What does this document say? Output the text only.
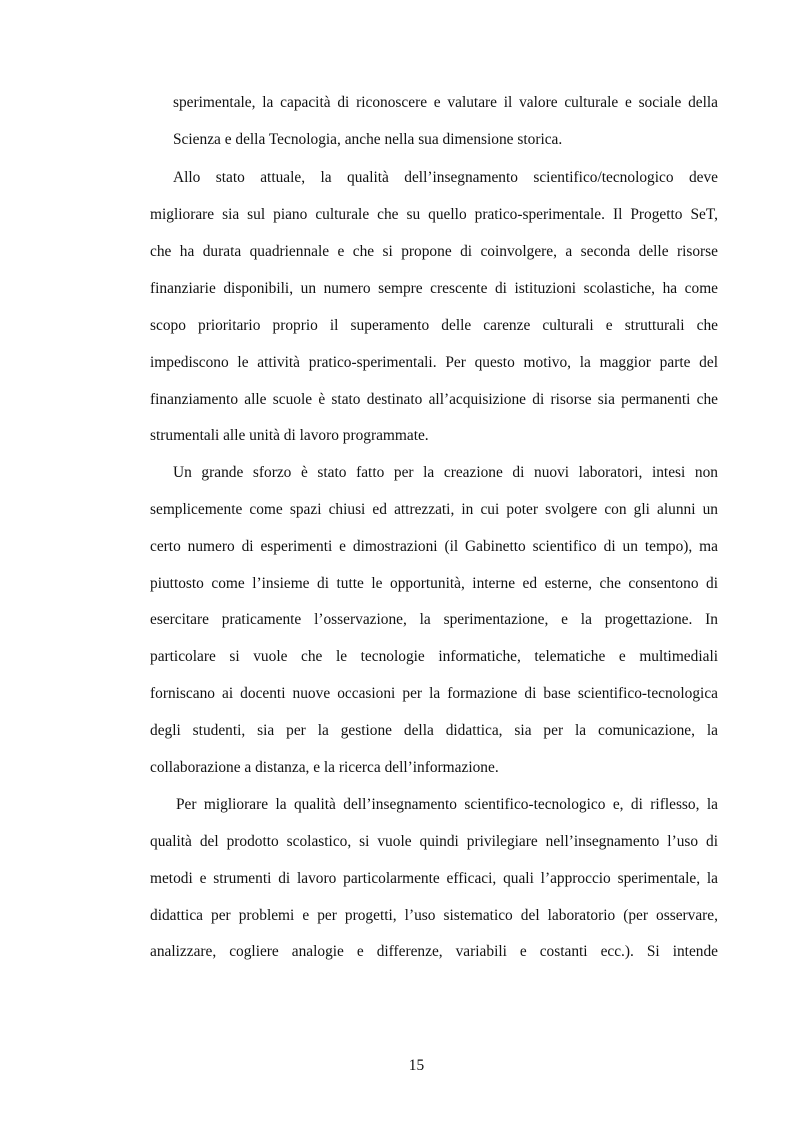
sperimentale, la capacità di riconoscere e valutare il valore culturale e sociale della
Scienza e della Tecnologia, anche nella sua dimensione storica.
Allo stato attuale, la qualità dell’insegnamento scientifico/tecnologico deve
migliorare sia sul piano culturale che su quello pratico-sperimentale. Il Progetto SeT,
che ha durata quadriennale e che si propone di coinvolgere, a seconda delle risorse
finanziarie disponibili, un numero sempre crescente di istituzioni scolastiche, ha come
scopo prioritario proprio il superamento delle carenze culturali e strutturali che
impediscono le attività pratico-sperimentali. Per questo motivo, la maggior parte del
finanziamento alle scuole è stato destinato all’acquisizione di risorse sia permanenti che
strumentali alle unità di lavoro programmate.
Un grande sforzo è stato fatto per la creazione di nuovi laboratori, intesi non
semplicemente come spazi chiusi ed attrezzati, in cui poter svolgere con gli alunni un
certo numero di esperimenti e dimostrazioni (il Gabinetto scientifico di un tempo), ma
piuttosto come l’insieme di tutte le opportunità, interne ed esterne, che consentono di
esercitare praticamente l’osservazione, la sperimentazione, e la progettazione. In
particolare si vuole che le tecnologie informatiche, telematiche e multimediali
forniscano ai docenti nuove occasioni per la formazione di base scientifico-tecnologica
degli studenti, sia per la gestione della didattica, sia per la comunicazione, la
collaborazione a distanza, e la ricerca dell’informazione.
Per migliorare la qualità dell’insegnamento scientifico-tecnologico e, di riflesso, la
qualità del prodotto scolastico, si vuole quindi privilegiare nell’insegnamento l’uso di
metodi e strumenti di lavoro particolarmente efficaci, quali l’approccio sperimentale, la
didattica per problemi e per progetti, l’uso sistematico del laboratorio (per osservare,
analizzare, cogliere analogie e differenze, variabili e costanti ecc.). Si intende
15
